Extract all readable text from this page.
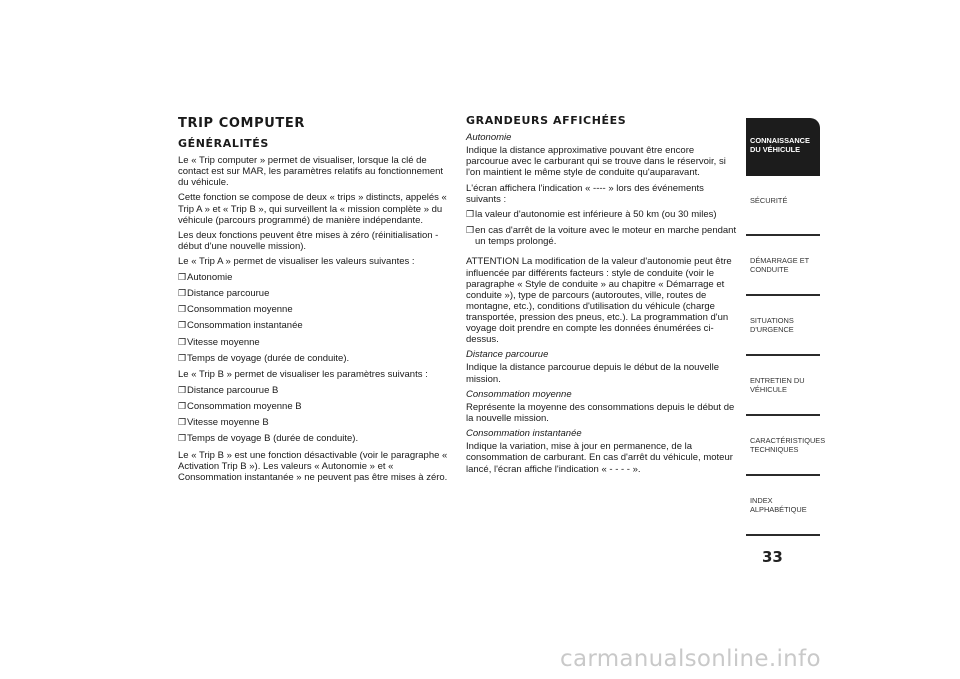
TRIP COMPUTER
GÉNÉRALITÉS
Le « Trip computer » permet de visualiser, lorsque la clé de contact est sur MAR, les paramètres relatifs au fonctionnement du véhicule.
Cette fonction se compose de deux « trips » distincts, appelés « Trip A » et « Trip B », qui surveillent la « mission complète » du véhicule (parcours programmé) de manière indépendante.
Les deux fonctions peuvent être mises à zéro (réinitialisation - début d'une nouvelle mission).
Le « Trip A » permet de visualiser les valeurs suivantes :
❒ Autonomie
❒ Distance parcourue
❒ Consommation moyenne
❒ Consommation instantanée
❒ Vitesse moyenne
❒ Temps de voyage (durée de conduite).
Le « Trip B » permet de visualiser les paramètres suivants :
❒ Distance parcourue B
❒ Consommation moyenne B
❒ Vitesse moyenne B
❒ Temps de voyage B (durée de conduite).
Le « Trip B » est une fonction désactivable (voir le paragraphe « Activation Trip B »). Les valeurs « Autonomie » et « Consommation instantanée » ne peuvent pas être mises à zéro.
GRANDEURS AFFICHÉES
Autonomie
Indique la distance approximative pouvant être encore parcourue avec le carburant qui se trouve dans le réservoir, si l'on maintient le même style de conduite qu'auparavant.
L'écran affichera l'indication « ---- » lors des événements suivants :
❒ la valeur d'autonomie est inférieure à 50 km (ou 30 miles)
❒ en cas d'arrêt de la voiture avec le moteur en marche pendant un temps prolongé.
ATTENTION La modification de la valeur d'autonomie peut être influencée par différents facteurs : style de conduite (voir le paragraphe « Style de conduite » au chapitre « Démarrage et conduite »), type de parcours (autoroutes, ville, routes de montagne, etc.), conditions d'utilisation du véhicule (charge transportée, pression des pneus, etc.). La programmation d'un voyage doit prendre en compte les données énumérées ci-dessus.
Distance parcourue
Indique la distance parcourue depuis le début de la nouvelle mission.
Consommation moyenne
Représente la moyenne des consommations depuis le début de la nouvelle mission.
Consommation instantanée
Indique la variation, mise à jour en permanence, de la consommation de carburant. En cas d'arrêt du véhicule, moteur lancé, l'écran affiche l'indication « - - - - ».
CONNAISSANCE DU VÉHICULE
SÉCURITÉ
DÉMARRAGE ET CONDUITE
SITUATIONS D'URGENCE
ENTRETIEN DU VÉHICULE
CARACTÉRISTIQUES TECHNIQUES
INDEX ALPHABÉTIQUE
33
carmanualsonline.info
